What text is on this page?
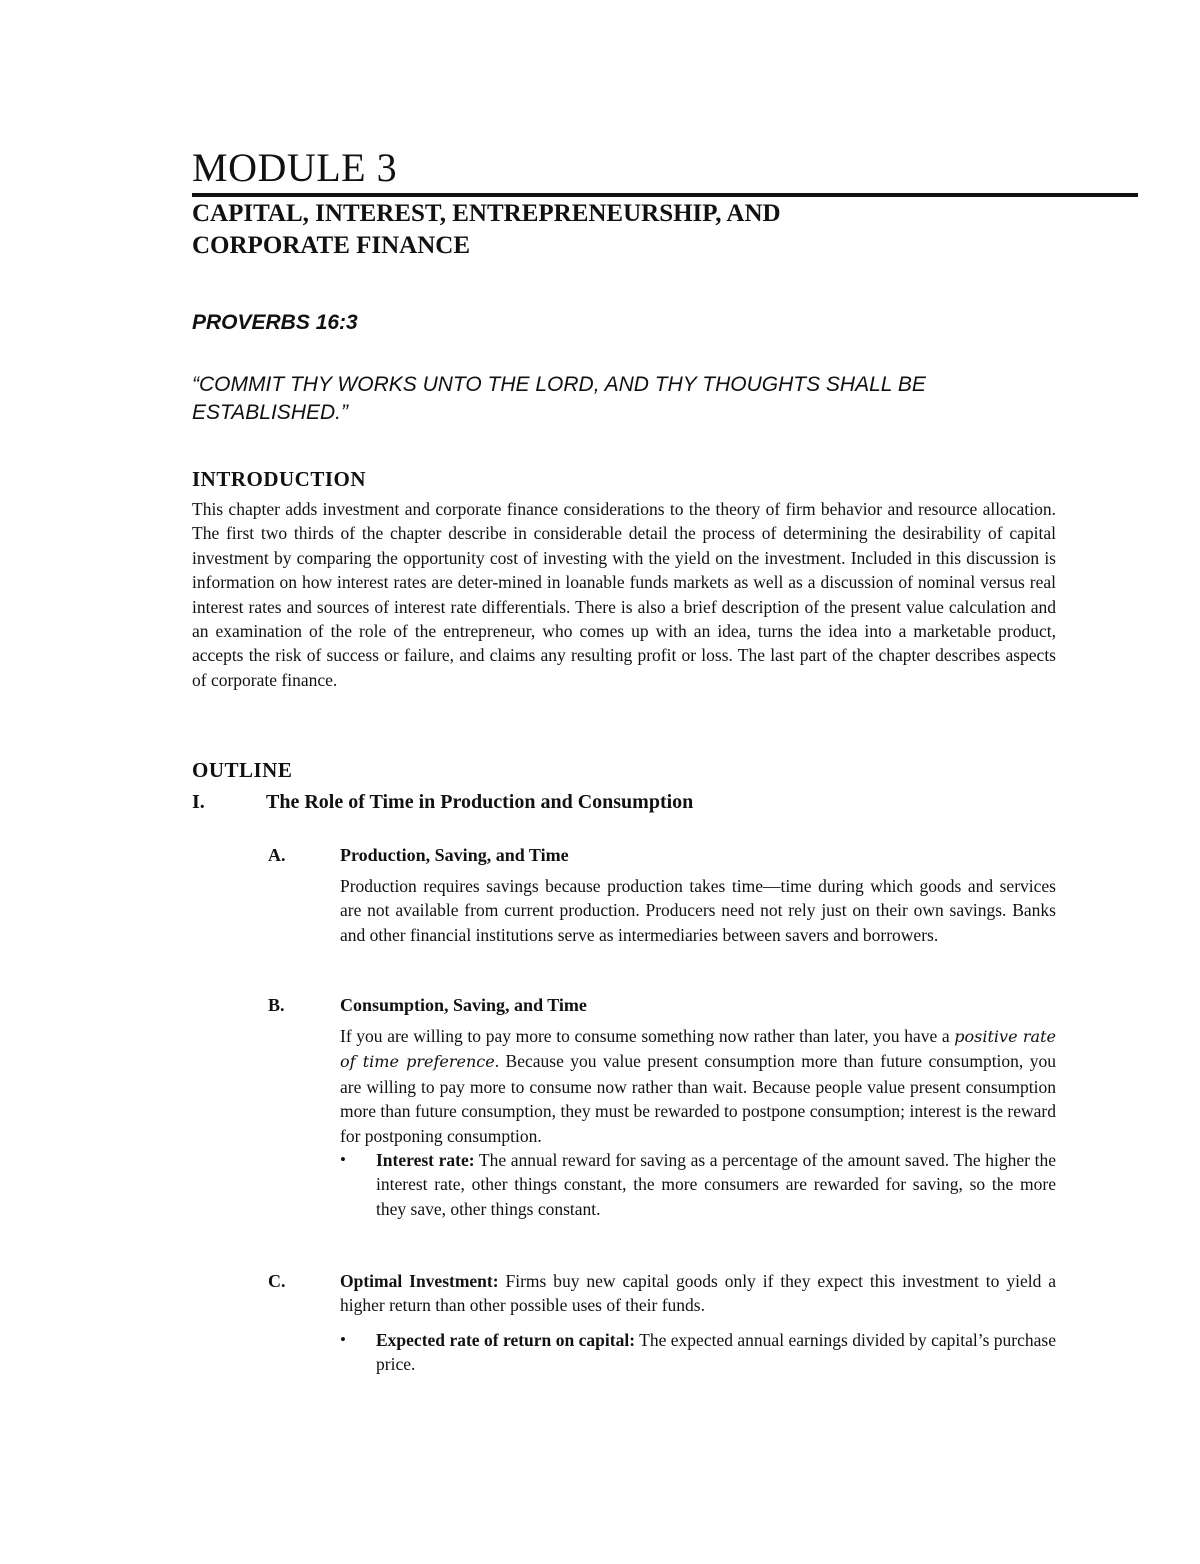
MODULE 3
CAPITAL, INTEREST, ENTREPRENEURSHIP, AND
CORPORATE FINANCE
PROVERBS 16:3
“COMMIT THY WORKS UNTO THE LORD, AND THY THOUGHTS SHALL BE
ESTABLISHED.”
INTRODUCTION
This chapter adds investment and corporate finance considerations to the theory of firm behavior and resource allocation. The first two thirds of the chapter describe in considerable detail the process of determining the desirability of capital investment by comparing the opportunity cost of investing with the yield on the investment. Included in this discussion is information on how interest rates are deter-mined in loanable funds markets as well as a discussion of nominal versus real interest rates and sources of interest rate differentials. There is also a brief description of the present value calculation and an examination of the role of the entrepreneur, who comes up with an idea, turns the idea into a marketable product, accepts the risk of success or failure, and claims any resulting profit or loss. The last part of the chapter describes aspects of corporate finance.
OUTLINE
I.	The Role of Time in Production and Consumption
A.	Production, Saving, and Time
Production requires savings because production takes time—time during which goods and services are not available from current production. Producers need not rely just on their own savings. Banks and other financial institutions serve as intermediaries between savers and borrowers.
B.	Consumption, Saving, and Time
If you are willing to pay more to consume something now rather than later, you have a positive rate of time preference. Because you value present consumption more than future consumption, you are willing to pay more to consume now rather than wait. Because people value present consumption more than future consumption, they must be rewarded to postpone consumption; interest is the reward for postponing consumption.
• Interest rate: The annual reward for saving as a percentage of the amount saved. The higher the interest rate, other things constant, the more consumers are rewarded for saving, so the more they save, other things constant.
C.	Optimal Investment: Firms buy new capital goods only if they expect this investment to yield a higher return than other possible uses of their funds.
• Expected rate of return on capital: The expected annual earnings divided by capital’s purchase price.
